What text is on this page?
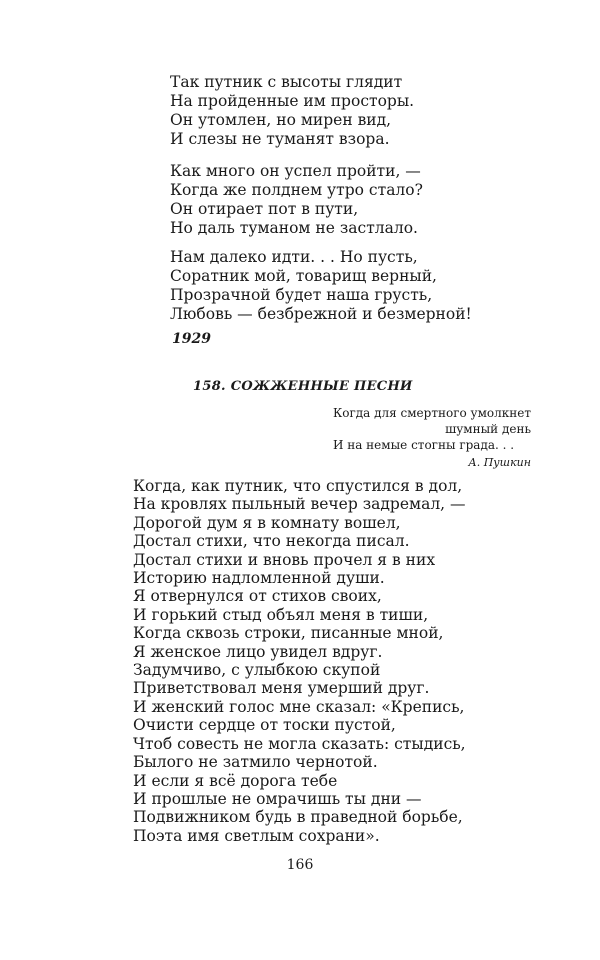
Так путник с высоты глядит
На пройденные им просторы.
Он утомлен, но мирен вид,
И слезы не туманят взора.
Как много он успел пройти, —
Когда же полднем утро стало?
Он отирает пот в пути,
Но даль туманом не застлало.
Нам далеко идти. . . Но пусть,
Соратник мой, товарищ верный,
Прозрачной будет наша грусть,
Любовь — безбрежной и безмерной!
1929
158. СОЖЖЕННЫЕ ПЕСНИ
Когда для смертного умолкнет
шумный день
И на немые стогны града. . .
А. Пушкин
Когда, как путник, что спустился в дол,
На кровлях пыльный вечер задремал, —
Дорогой дум я в комнату вошел,
Достал стихи, что некогда писал.
Достал стихи и вновь прочел я в них
Историю надломленной души.
Я отвернулся от стихов своих,
И горький стыд объял меня в тиши,
Когда сквозь строки, писанные мной,
Я женское лицо увидел вдруг.
Задумчиво, с улыбкою скупой
Приветствовал меня умерший друг.
И женский голос мне сказал: «Крепись,
Очисти сердце от тоски пустой,
Чтоб совесть не могла сказать: стыдись,
Былого не затмило чернотой.
И если я всё дорога тебе
И прошлые не омрачишь ты дни —
Подвижником будь в праведной борьбе,
Поэта имя светлым сохрани».
166
